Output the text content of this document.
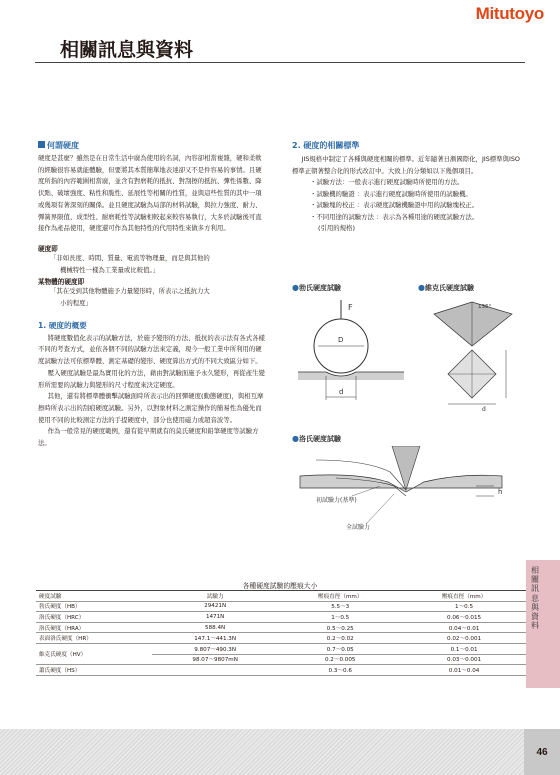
Mitutoyo
相關訊息與資料
何謂硬度

硬度是甚麼？雖然是在日常生活中廣為使用的名詞，內容卻相當複雜，硬和柔軟的經驗很容易就能體驗，但要將其本質簡單地表達卻又不是件容易的事情。且硬度所指的內容範圍相當廣，並含有對磨耗的抵抗、對刮擦的抵抗、彈性係數、降伏點、破壞強度、粘性和脆性、延展性等相關的性質，並與這些性質的其中一項或幾項有著深刻的關係。並且硬度試驗為局部的材料試驗，與拉力強度、耐力、彈簧界限值、成型性、耐磨耗性等試驗相較起來較容易執行，大多於試驗後可直接作為產品使用，硬度還可作為其他特性的代用特性來做多方利用。

硬度即

「非如長度、時間、質量、電流等物理量，而是與其他的

機械特性一樣為工業量或比較值。」

某物體的硬度即

「其在受到其他物體施予力量變形時，所表示之抵抗力大

小的程度」

1. 硬度的概要

將硬度數值化表示的試驗方法，於施予變形的方法、抵抗的表示法有各式各樣不同的考查方式，並依各個不同的試驗方法來定義，現今一般工業中所利用的硬度試驗方法可依標準體、測定基礎的變形、硬度算出方式的不同大致區分如下。

壓入硬度試驗是最為實用化的方法，藉由對試驗面施予永久變形，再從產生變形所需要的試驗力與變形的尺寸程度來決定硬度。

其他，還有將標準體衝擊試驗面時所表示出的回彈硬度(動態硬度)，與相互摩擦時所表示出的刮痕硬度試驗。另外，以對象材料之測定操作的簡易性為優先而使用不同的比較測定方法的手提硬度中，部分也使用磁力或超音波等。

作為一般常見的硬度範例，還有從早期就有的莫氏硬度和鉛筆硬度等試驗方法。

2. 硬度的相關標準

JIS規格中制定了各種與硬度相關的標準。近年隨著日漸國際化，JIS標準與ISO標準正朝著整合化的形式改訂中。大致上的分類如以下幾個項目。

・試驗方法：一般表示進行硬度試驗時所使用的方法。

・試驗機的驗證 ：表示進行硬度試驗時所使用的試驗機。

・試驗塊的校正 ：表示硬度試驗機驗證中用的試驗塊校正。

・不同用途的試驗方法 ：表示為各種用途的硬度試驗方法。

(引用的規格)

●勃氏硬度試驗	●維克氏硬度試驗
●洛氏硬度試驗
F
D
d
136°
d
h
初試驗力(基準)
全試驗力
各種硬度試驗的壓痕大小
硬度試驗	試驗力	壓痕直徑（mm）	壓痕直徑（mm）
勃氏硬度（HB）	29421N	5.5〜3	1〜0.5
洛氏硬度（HRC）	1471N	1〜0.5	0.06〜0.015
洛氏硬度（HRA）	588.4N	0.5〜0.25	0.04〜0.01
表面洛氏硬度（HR）	147.1〜441.3N	0.2〜0.02	0.02〜0.001
維克氏硬度（HV）	9.807〜490.3N	0.7〜0.05	0.1〜0.01
	98.07〜9807mN	0.2〜0.005	0.03〜0.001
蕭氏硬度（HS）		0.3〜0.6	0.01〜0.04
相關訊息與資料
46
